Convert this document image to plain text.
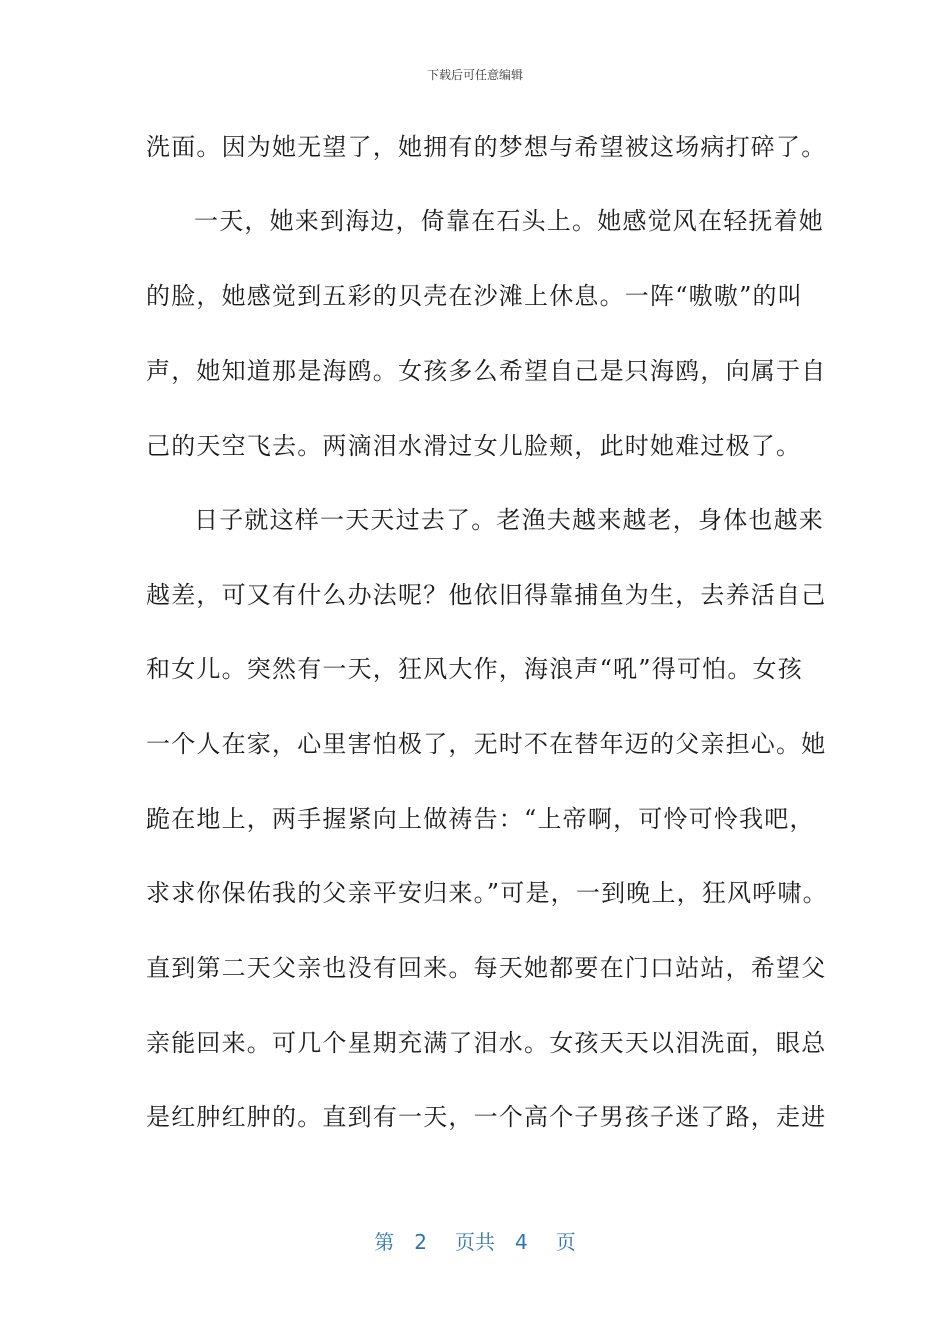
下载后可任意编辑
洗面。因为她无望了，她拥有的梦想与希望被这场病打碎了。
一天，她来到海边，倚靠在石头上。她感觉风在轻抚着她
的脸，她感觉到五彩的贝壳在沙滩上休息。一阵“嗷嗷”的叫
声，她知道那是海鸥。女孩多么希望自己是只海鸥，向属于自
己的天空飞去。两滴泪水滑过女儿脸颊，此时她难过极了。
日子就这样一天天过去了。老渔夫越来越老，身体也越来
越差，可又有什么办法呢？他依旧得靠捕鱼为生，去养活自己
和女儿。突然有一天，狂风大作，海浪声“吼”得可怕。女孩
一个人在家，心里害怕极了，无时不在替年迈的父亲担心。她
跪在地上，两手握紧向上做祷告：“上帝啊，可怜可怜我吧，
求求你保佑我的父亲平安归来。”可是，一到晚上，狂风呼啸。
直到第二天父亲也没有回来。每天她都要在门口站站，希望父
亲能回来。可几个星期充满了泪水。女孩天天以泪洗面，眼总
是红肿红肿的。直到有一天，一个高个子男孩子迷了路，走进
第 2 页共 4 页
